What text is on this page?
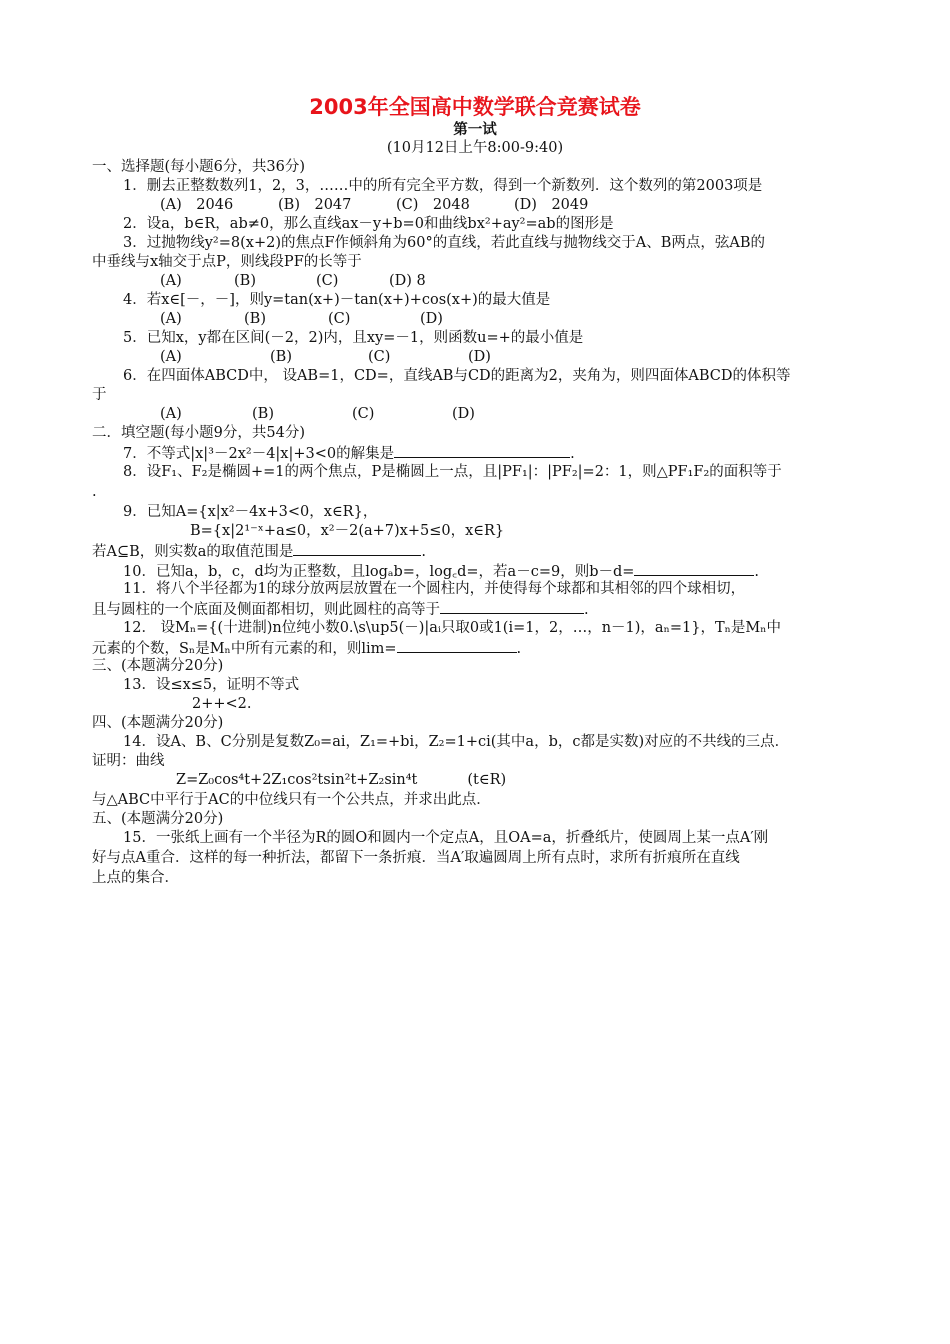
2003年全国高中数学联合竞赛试卷
第一试
(10月12日上午8:00-9:40)
一、选择题(每小题6分，共36分)
1．删去正整数数列1，2，3，……中的所有完全平方数，得到一个新数列．这个数列的第2003项是
(A)　2046	(B)　2047	(C)　2048	(D)　2049
2．设a，b∈R，ab≠0，那么直线ax－y+b=0和曲线bx²+ay²=ab的图形是
3．过抛物线y²=8(x+2)的焦点F作倾斜角为60°的直线，若此直线与抛物线交于A、B两点，弦AB的
中垂线与x轴交于点P，则线段PF的长等于
(A)	(B)	(C)	(D) 8
4．若x∈[－，－]，则y=tan(x+)－tan(x+)+cos(x+)的最大值是
(A)	(B)	(C)	(D)
5．已知x，y都在区间(－2，2)内，且xy=－1，则函数u=+的最小值是
(A)	(B)	(C)	(D)
6．在四面体ABCD中， 设AB=1，CD=，直线AB与CD的距离为2，夹角为，则四面体ABCD的体积等
于
(A)	(B)	(C)	(D)
二．填空题(每小题9分，共54分)
7．不等式|x|³－2x²－4|x|+3<0的解集是	.
8．设F₁、F₂是椭圆+=1的两个焦点，P是椭圆上一点，且|PF₁|：|PF₂|=2：1，则△PF₁F₂的面积等于
.
9．已知A={x|x²－4x+3<0，x∈R}，
B={x|2¹⁻ˣ+a≤0，x²－2(a+7)x+5≤0，x∈R}
若A⊆B，则实数a的取值范围是	.
10．已知a，b，c，d均为正整数，且logₐb=，log꜀d=，若a－c=9，则b－d=	.
11．将八个半径都为1的球分放两层放置在一个圆柱内，并使得每个球都和其相邻的四个球相切，
且与圆柱的一个底面及侧面都相切，则此圆柱的高等于	.
12． 设Mₙ={(十进制)n位纯小数0.\s\up5(－)|aᵢ只取0或1(i=1，2，…，n－1)，aₙ=1}，Tₙ是Mₙ中
元素的个数，Sₙ是Mₙ中所有元素的和，则lim=	.
三、(本题满分20分)
13．设≤x≤5，证明不等式
2++<2.
四、(本题满分20分)
14．设A、B、C分别是复数Z₀=ai，Z₁=+bi，Z₂=1+ci(其中a，b，c都是实数)对应的不共线的三点．
证明：曲线
Z=Z₀cos⁴t+2Z₁cos²tsin²t+Z₂sin⁴t	(t∈R)
与△ABC中平行于AC的中位线只有一个公共点，并求出此点．
五、(本题满分20分)
15．一张纸上画有一个半径为R的圆O和圆内一个定点A，且OA=a，折叠纸片，使圆周上某一点A′刚
好与点A重合．这样的每一种折法，都留下一条折痕．当A′取遍圆周上所有点时，求所有折痕所在直线
上点的集合．
